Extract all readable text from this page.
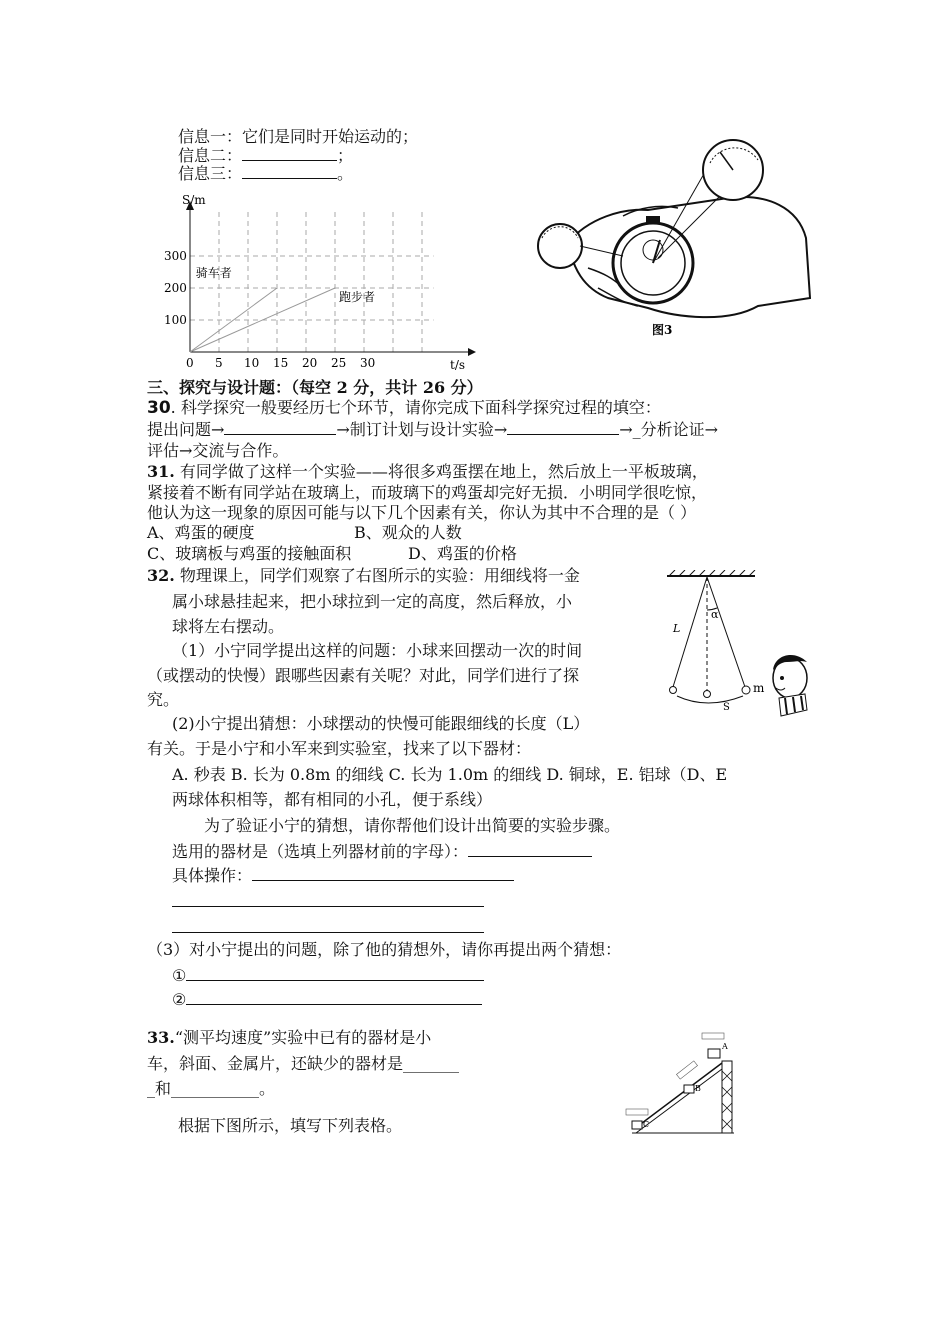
信息一：它们是同时开始运动的；
信息二：	；
信息三：	。
S/m
t/s
0 5 10 15 20 25 30
100
200
300
骑车者
跑步者
图3
三、探究与设计题：（每空 2 分，共计 26 分）
30. 科学探究一般要经历七个环节，请你完成下面科学探究过程的填空：
提出问题→	→制订计划与设计实验→	→_分析论证→
评估→交流与合作。
31. 有同学做了这样一个实验——将很多鸡蛋摆在地上，然后放上一平板玻璃，
紧接着不断有同学站在玻璃上，而玻璃下的鸡蛋却完好无损．小明同学很吃惊，
他认为这一现象的原因可能与以下几个因素有关，你认为其中不合理的是（ ）
A、鸡蛋的硬度	B、观众的人数
C、玻璃板与鸡蛋的接触面积	D、鸡蛋的价格
32. 物理课上，同学们观察了右图所示的实验：用细线将一金
属小球悬挂起来，把小球拉到一定的高度，然后释放，小
球将左右摆动。
（1）小宁同学提出这样的问题：小球来回摆动一次的时间
（或摆动的快慢）跟哪些因素有关呢？对此，同学们进行了探
究。
(2)小宁提出猜想：小球摆动的快慢可能跟细线的长度（L）
有关。于是小宁和小军来到实验室，找来了以下器材：
A. 秒表 B. 长为 0.8m 的细线 C. 长为 1.0m 的细线 D. 铜球，E. 铝球（D、E
两球体积相等，都有相同的小孔，便于系线）
为了验证小宁的猜想，请你帮他们设计出简要的实验步骤。
选用的器材是（选填上列器材前的字母）：
具体操作：
（3）对小宁提出的问题，除了他的猜想外，请你再提出两个猜想：
①
②
α
L
m
S
33.“测平均速度”实验中已有的器材是小
车，斜面、金属片，还缺少的器材是_______
_和___________。
根据下图所示，填写下列表格。
A
B
C
